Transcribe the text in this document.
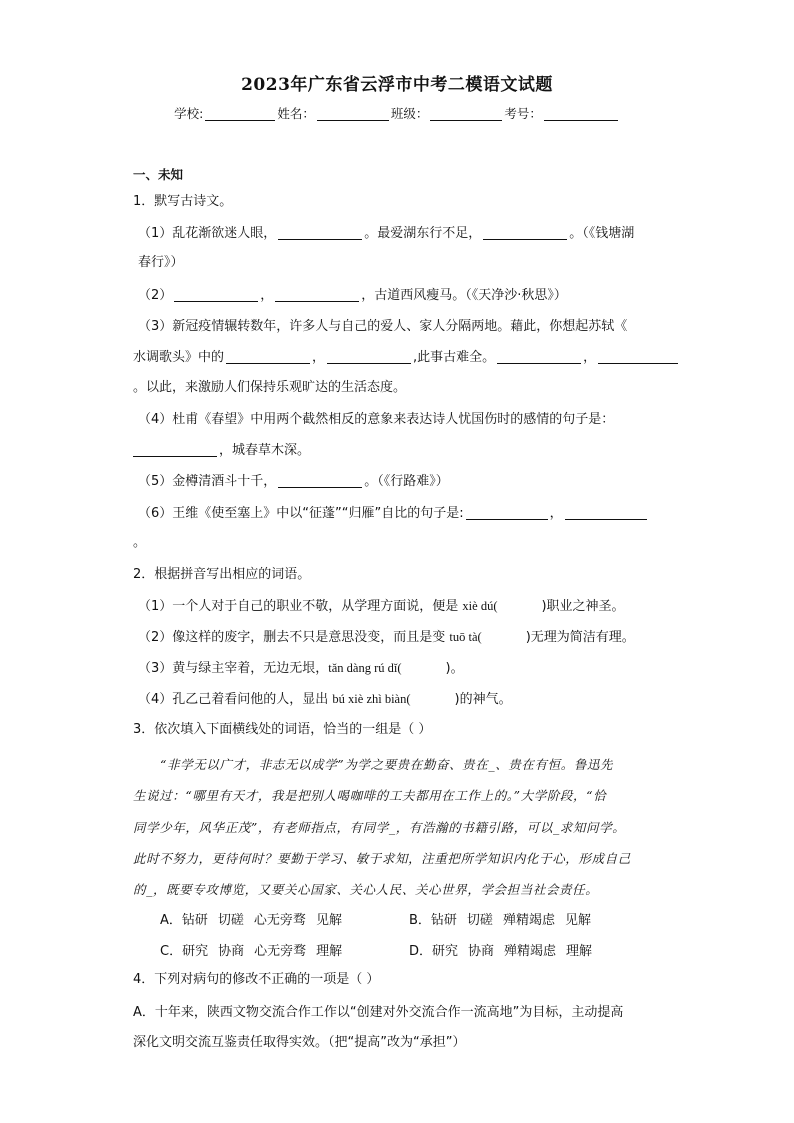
2023年广东省云浮市中考二模语文试题
学校:	姓名：	班级：	考号：
一、未知
1．默写古诗文。
（1）乱花渐欲迷人眼，	。最爱湖东行不足，	。（《钱塘湖
春行》）
（2）	，	，古道西风瘦马。（《天净沙·秋思》）
（3）新冠疫情辗转数年，许多人与自己的爱人、家人分隔两地。藉此，你想起苏轼《
水调歌头》中的	，	,此事古难全。	，
。以此，来激励人们保持乐观旷达的生活态度。
（4）杜甫《春望》中用两个截然相反的意象来表达诗人忧国伤时的感情的句子是：
，城春草木深。
（5）金樽清酒斗十千，	。（《行路难》）
（6）王维《使至塞上》中以“征蓬”“归雁”自比的句子是:	，
。
2．根据拼音写出相应的词语。
（1）一个人对于自己的职业不敬，从学理方面说，便是 xiè dú(	)职业之神圣。
（2）像这样的废字，删去不只是意思没变，而且是变 tuō tà(	)无理为简洁有理。
（3）黄与绿主宰着，无边无垠，tǎn dàng rú dǐ(	)。
（4）孔乙己着看问他的人，显出 bú xiè zhì biàn(	)的神气。
3．依次填入下面横线处的词语，恰当的一组是（ ）
“非学无以广才，非志无以成学”为学之要贵在勤奋、贵在_、贵在有恒。鲁迅先
生说过：“哪里有天才，我是把别人喝咖啡的工夫都用在工作上的。”大学阶段，“恰
同学少年，风华正茂”，有老师指点，有同学_，有浩瀚的书籍引路，可以_求知问学。
此时不努力，更待何时？要勤于学习、敏于求知，注重把所学知识内化于心，形成自己
的_，既要专攻博览，又要关心国家、关心人民、关心世界，学会担当社会责任。
A．钻研 切磋 心无旁骛 见解	B．钻研 切磋 殚精竭虑 见解
C．研究 协商 心无旁骛 理解	D．研究 协商 殚精竭虑 理解
4．下列对病句的修改不正确的一项是（ ）
A．十年来，陕西文物交流合作工作以“创建对外交流合作一流高地”为目标，主动提高
深化文明交流互鉴责任取得实效。（把“提高”改为“承担”）
